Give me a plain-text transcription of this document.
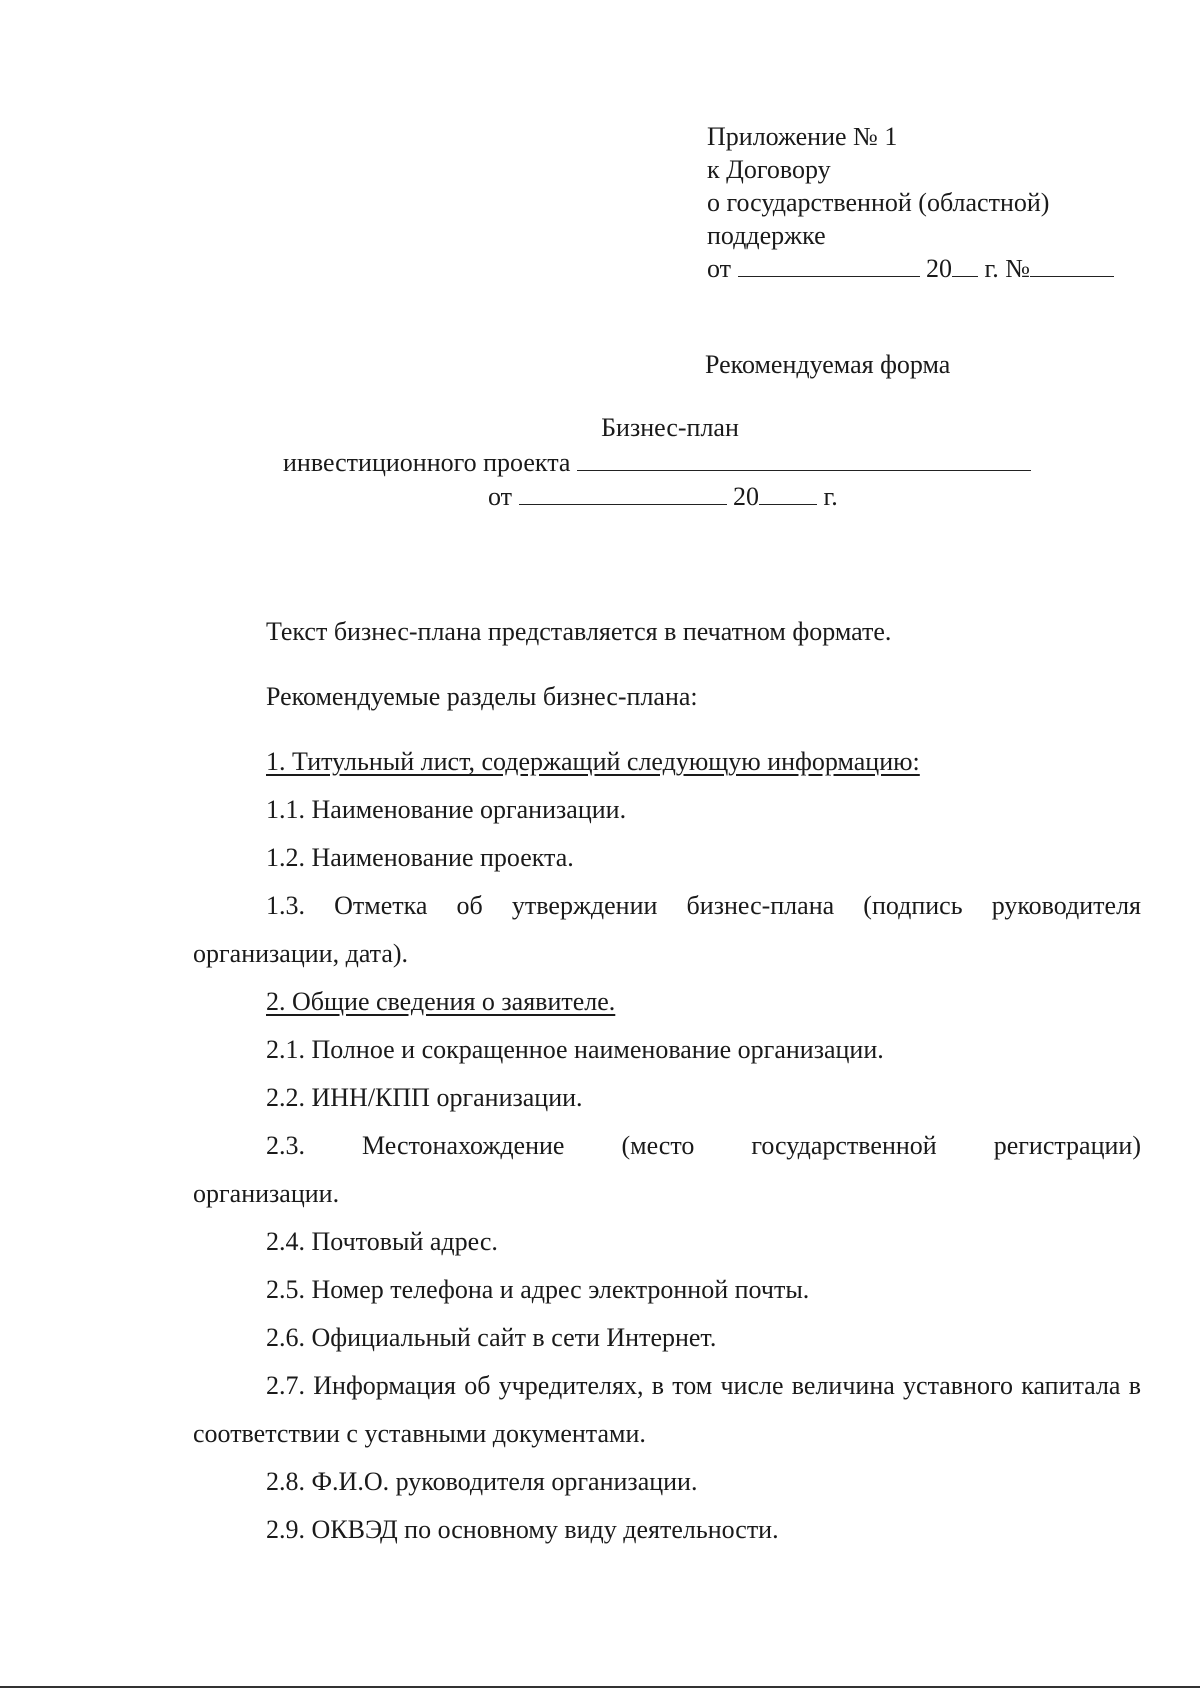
Приложение № 1
к Договору
о государственной (областной)
поддержке
от	20 г. №
Рекомендуемая форма
Бизнес-план
инвестиционного проекта
от	20 г.

Текст бизнес-плана представляется в печатном формате.

Рекомендуемые разделы бизнес-плана:

1. Титульный лист, содержащий следующую информацию:

1.1. Наименование организации.

1.2. Наименование проекта.

1.3. Отметка об утверждении бизнес-плана (подпись руководителя организации, дата).

2. Общие сведения о заявителе.

2.1. Полное и сокращенное наименование организации.

2.2. ИНН/КПП организации.

2.3. Местонахождение (место государственной регистрации) организации.

2.4. Почтовый адрес.

2.5. Номер телефона и адрес электронной почты.

2.6. Официальный сайт в сети Интернет.

2.7. Информация об учредителях, в том числе величина уставного капитала в соответствии с уставными документами.

2.8. Ф.И.О. руководителя организации.

2.9. ОКВЭД по основному виду деятельности.
